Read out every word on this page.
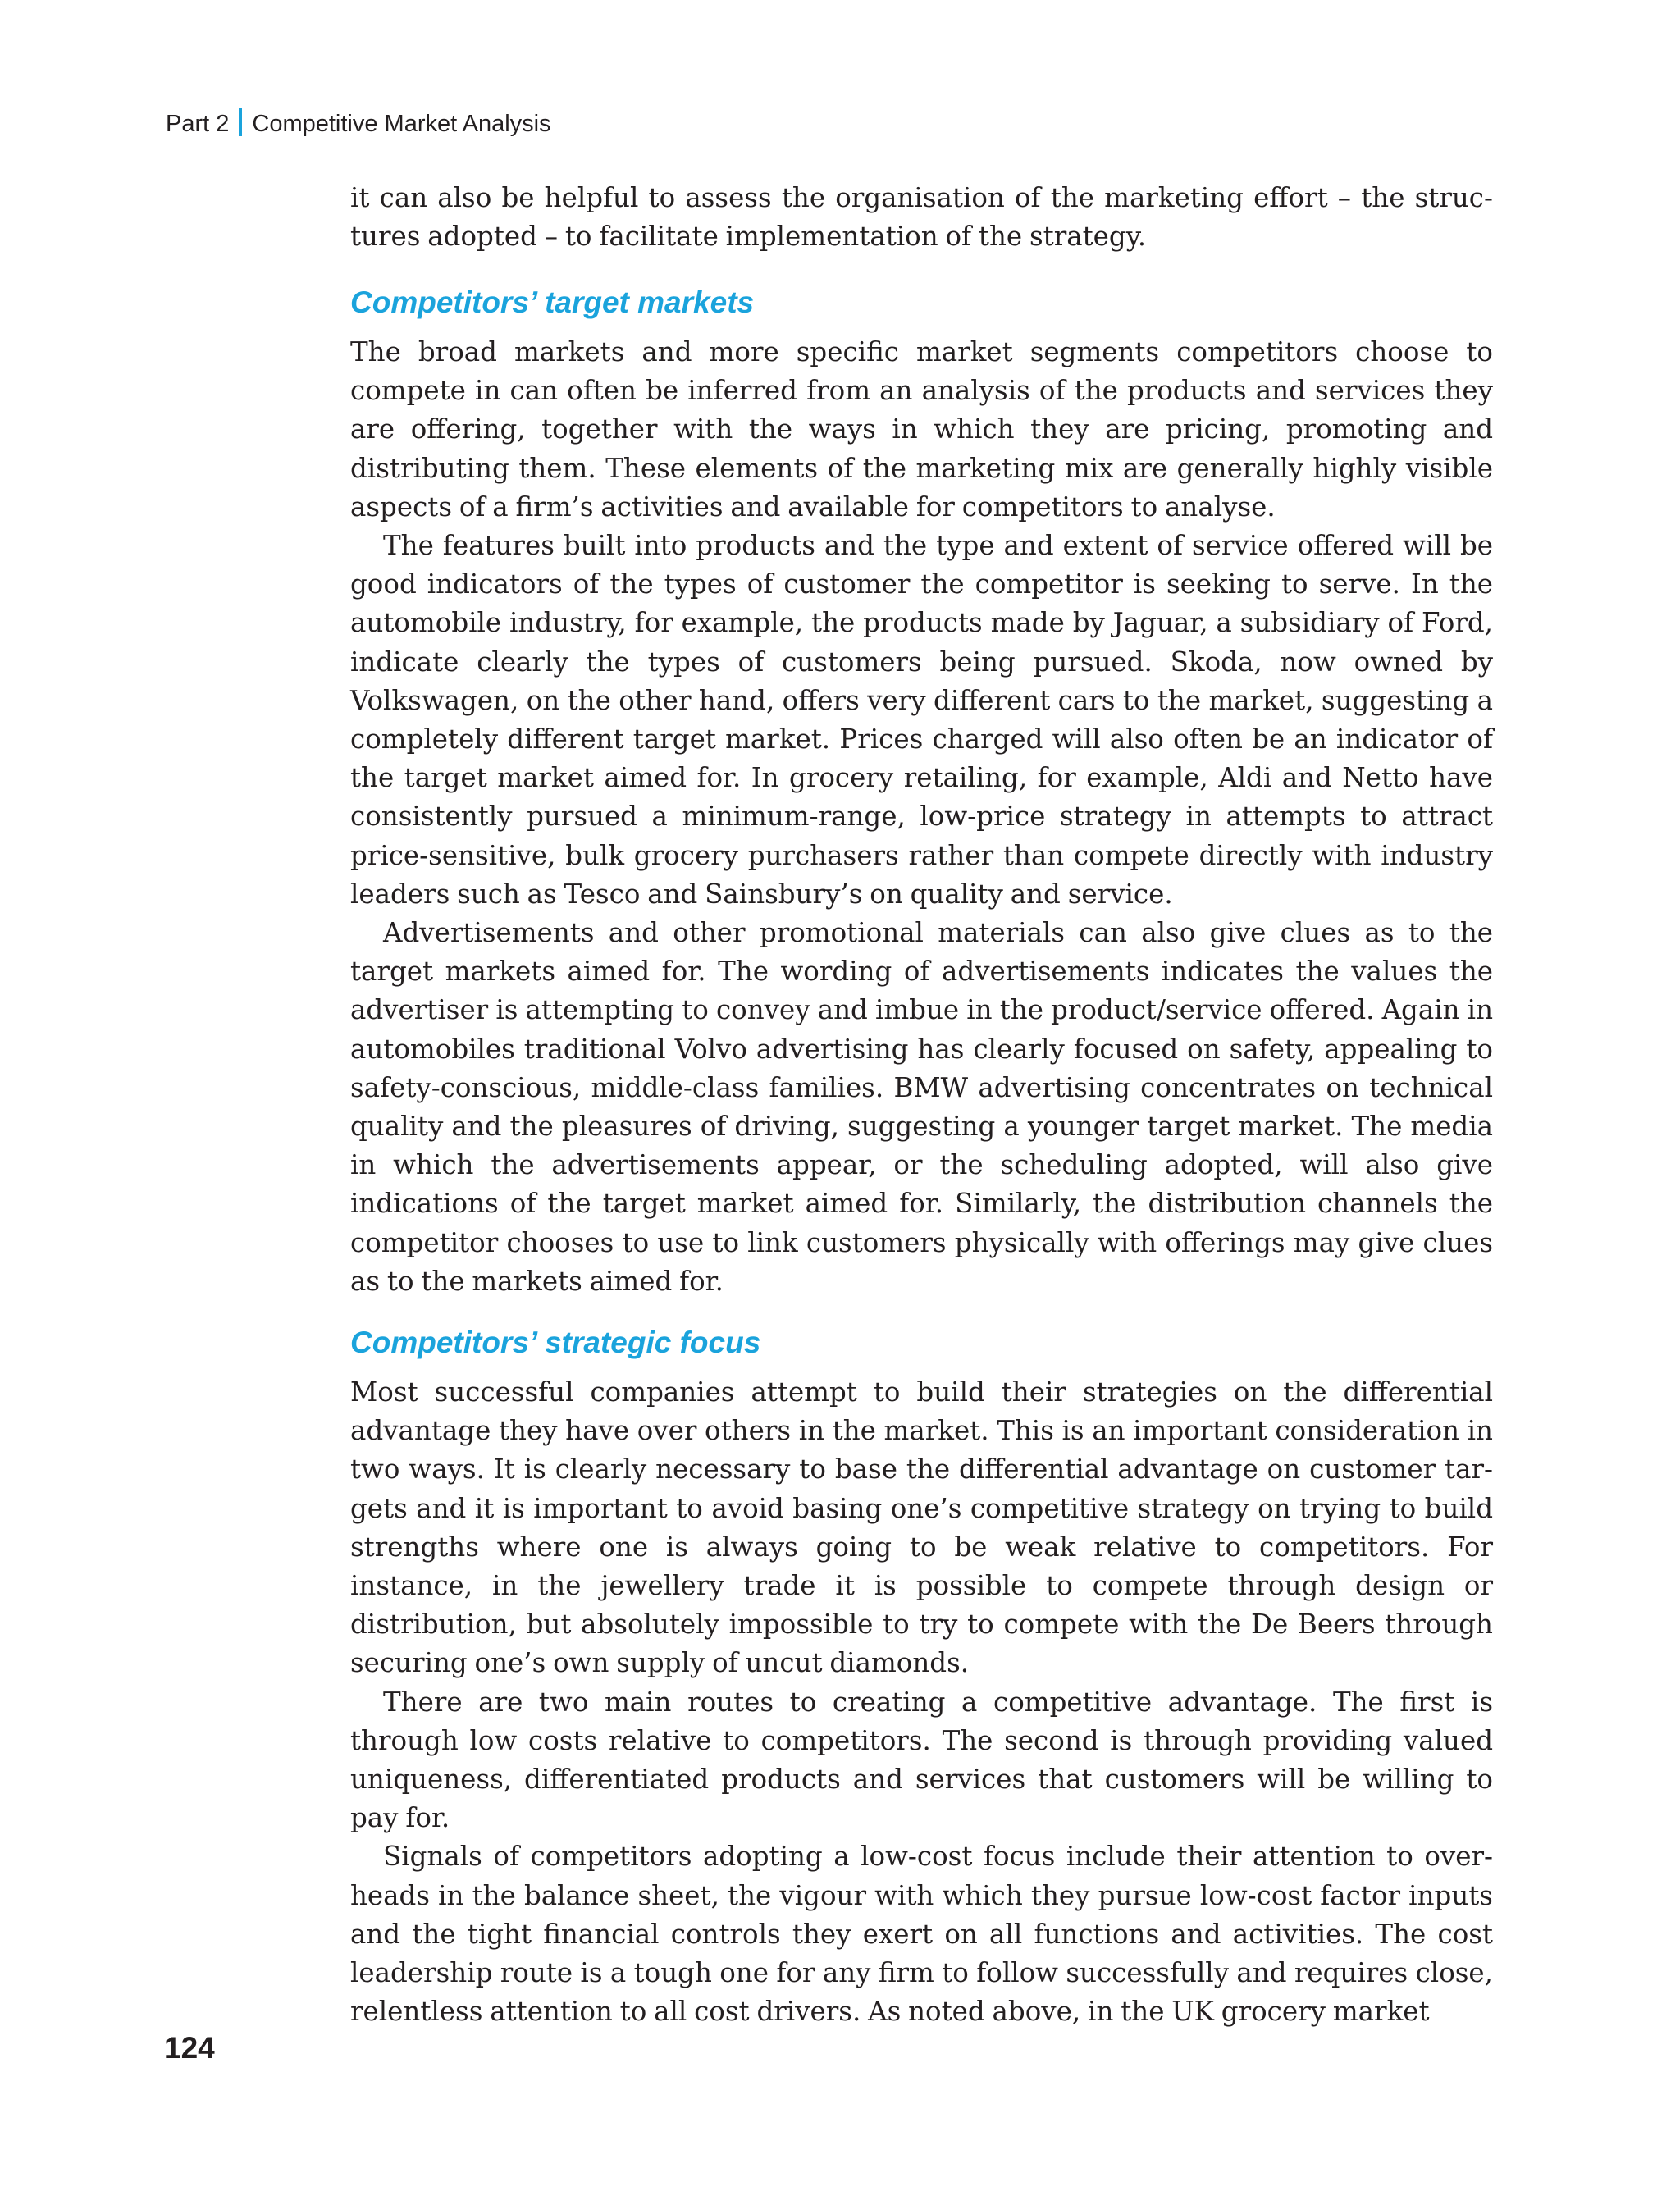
Part 2 Competitive Market Analysis

it can also be helpful to assess the organisation of the marketing effort – the structures adopted – to facilitate implementation of the strategy.

Competitors’ target markets

The broad markets and more specific market segments competitors choose to compete in can often be inferred from an analysis of the products and services they are offering, together with the ways in which they are pricing, promoting and distributing them. These elements of the marketing mix are generally highly visible aspects of a firm’s activities and available for competitors to analyse.

The features built into products and the type and extent of service offered will be good indicators of the types of customer the competitor is seeking to serve. In the automobile industry, for example, the products made by Jaguar, a subsidiary of Ford, indicate clearly the types of customers being pursued. Skoda, now owned by Volkswagen, on the other hand, offers very different cars to the market, suggesting a completely different target market. Prices charged will also often be an indicator of the target market aimed for. In grocery retailing, for example, Aldi and Netto have consistently pursued a minimum-range, low-price strategy in attempts to attract price-sensitive, bulk grocery purchasers rather than compete directly with industry leaders such as Tesco and Sainsbury’s on quality and service.

Advertisements and other promotional materials can also give clues as to the target markets aimed for. The wording of advertisements indicates the values the advertiser is attempting to convey and imbue in the product/service offered. Again in automobiles traditional Volvo advertising has clearly focused on safety, appealing to safety-conscious, middle-class families. BMW advertising concentrates on technical quality and the pleasures of driving, suggesting a younger target market. The media in which the advertisements appear, or the scheduling adopted, will also give indications of the target market aimed for. Similarly, the distribution channels the competitor chooses to use to link customers physically with offerings may give clues as to the markets aimed for.

Competitors’ strategic focus

Most successful companies attempt to build their strategies on the differential advantage they have over others in the market. This is an important consideration in two ways. It is clearly necessary to base the differential advantage on customer targets and it is important to avoid basing one’s competitive strategy on trying to build strengths where one is always going to be weak relative to competitors. For instance, in the jewellery trade it is possible to compete through design or distribution, but absolutely impossible to try to compete with the De Beers through securing one’s own supply of uncut diamonds.

There are two main routes to creating a competitive advantage. The first is through low costs relative to competitors. The second is through providing valued uniqueness, differentiated products and services that customers will be willing to pay for.

Signals of competitors adopting a low-cost focus include their attention to overheads in the balance sheet, the vigour with which they pursue low-cost factor inputs and the tight financial controls they exert on all functions and activities. The cost leadership route is a tough one for any firm to follow successfully and requires close, relentless attention to all cost drivers. As noted above, in the UK grocery market

124
